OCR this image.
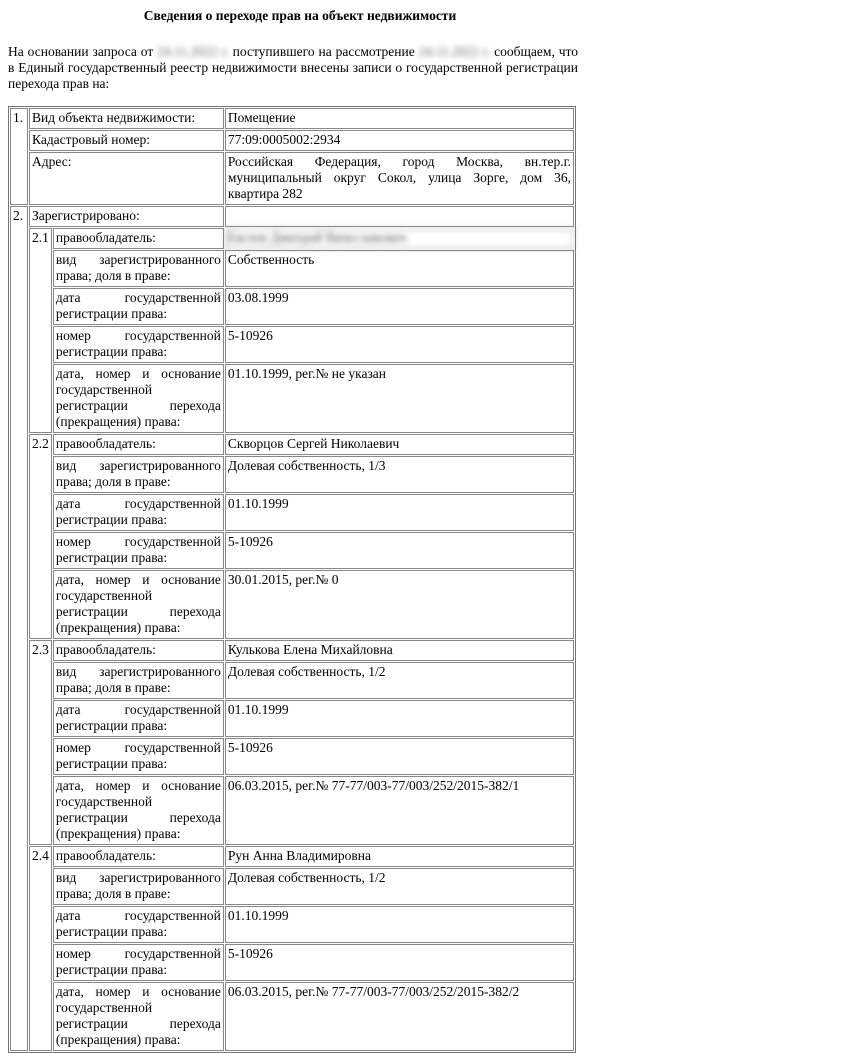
Сведения о переходе прав на объект недвижимости
На основании запроса от 24.11.2022 г. поступившего на рассмотрение 24.11.2022 г. сообщаем, что в Единый государственный реестр недвижимости внесены записи о государственной регистрации перехода прав на:
1.	Вид объекта недвижимости:		Помещение
	Кадастровый номер:		77:09:0005002:2934
	Адрес:		Российская Федерация, город Москва, вн.тер.г. муниципальный округ Сокол, улица Зорге, дом 36, квартира 282
2.	Зарегистрировано:		
	2.1	правообладатель:	Евсеев Дмитрий Вячеславович
		вид зарегистрированного права; доля в праве:	Собственность
		дата государственной регистрации права:	03.08.1999
		номер государственной регистрации права:	5-10926
		дата, номер и основание государственной регистрации перехода (прекращения) права:	01.10.1999, рег.№ не указан
	2.2	правообладатель:	Скворцов Сергей Николаевич
		вид зарегистрированного права; доля в праве:	Долевая собственность, 1/3
		дата государственной регистрации права:	01.10.1999
		номер государственной регистрации права:	5-10926
		дата, номер и основание государственной регистрации перехода (прекращения) права:	30.01.2015, рег.№ 0
	2.3	правообладатель:	Кулькова Елена Михайловна
		вид зарегистрированного права; доля в праве:	Долевая собственность, 1/2
		дата государственной регистрации права:	01.10.1999
		номер государственной регистрации права:	5-10926
		дата, номер и основание государственной регистрации перехода (прекращения) права:	06.03.2015, рег.№ 77-77/003-77/003/252/2015-382/1
	2.4	правообладатель:	Рун Анна Владимировна
		вид зарегистрированного права; доля в праве:	Долевая собственность, 1/2
		дата государственной регистрации права:	01.10.1999
		номер государственной регистрации права:	5-10926
		дата, номер и основание государственной регистрации перехода (прекращения) права:	06.03.2015, рег.№ 77-77/003-77/003/252/2015-382/2
